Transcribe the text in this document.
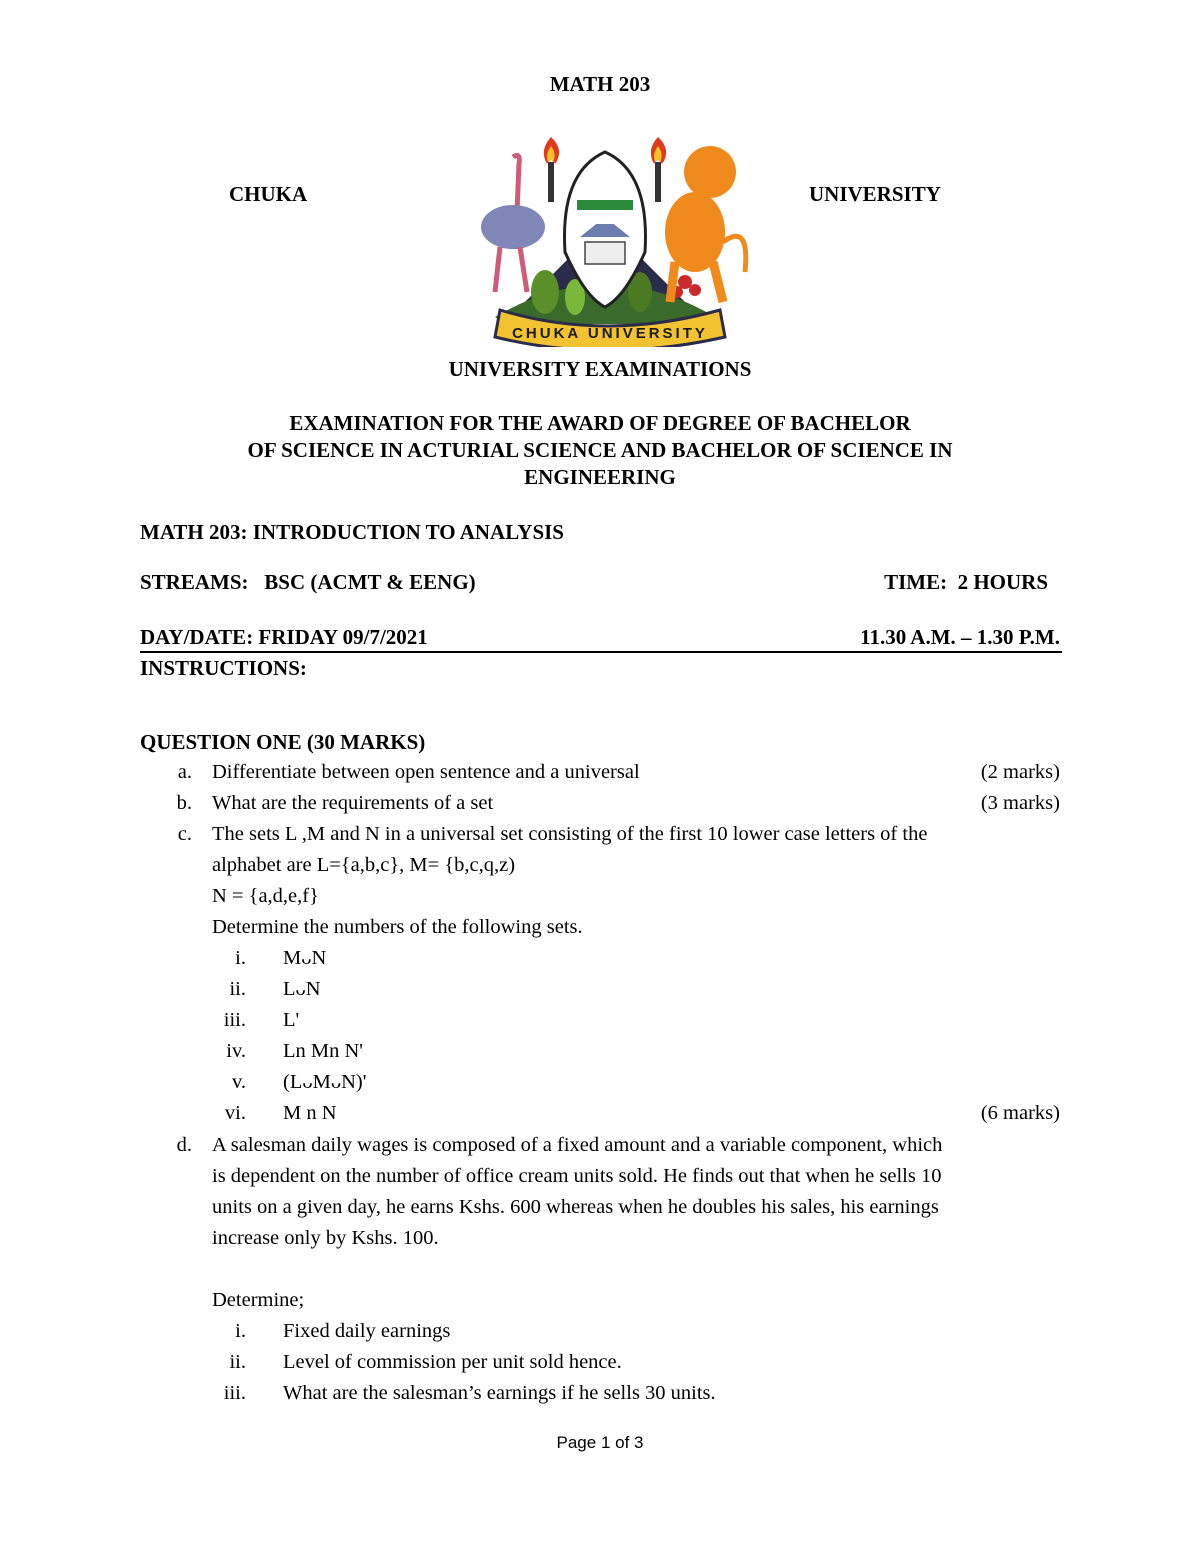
MATH 203
CHUKA	UNIVERSITY
CHUKA UNIVERSITY
UNIVERSITY EXAMINATIONS
EXAMINATION FOR THE AWARD OF DEGREE OF BACHELOR
OF SCIENCE IN ACTURIAL SCIENCE AND BACHELOR OF SCIENCE IN
ENGINEERING
MATH 203: INTRODUCTION TO ANALYSIS
STREAMS:   BSC (ACMT & EENG)	TIME:  2 HOURS
DAY/DATE: FRIDAY 09/7/2021	11.30 A.M. – 1.30 P.M.
INSTRUCTIONS:
QUESTION ONE (30 MARKS)
a. Differentiate between open sentence and a universal	(2 marks)
b. What are the requirements of a set	(3 marks)
c. The sets L ,M and N in a universal set consisting of the first 10 lower case letters of the
alphabet are L={a,b,c}, M= {b,c,q,z)
N = {a,d,e,f}
Determine the numbers of the following sets.
i. MᴗN
ii. LᴗN
iii. L'
iv. Ln Mn N'
v. (LᴗMᴗN)'
vi. M n N	(6 marks)
d. A salesman daily wages is composed of a fixed amount and a variable component, which
is dependent on the number of office cream units sold. He finds out that when he sells 10
units on a given day, he earns Kshs. 600 whereas when he doubles his sales, his earnings
increase only by Kshs. 100.
Determine;
i. Fixed daily earnings
ii. Level of commission per unit sold hence.
iii. What are the salesman’s earnings if he sells 30 units.
Page 1 of 3
